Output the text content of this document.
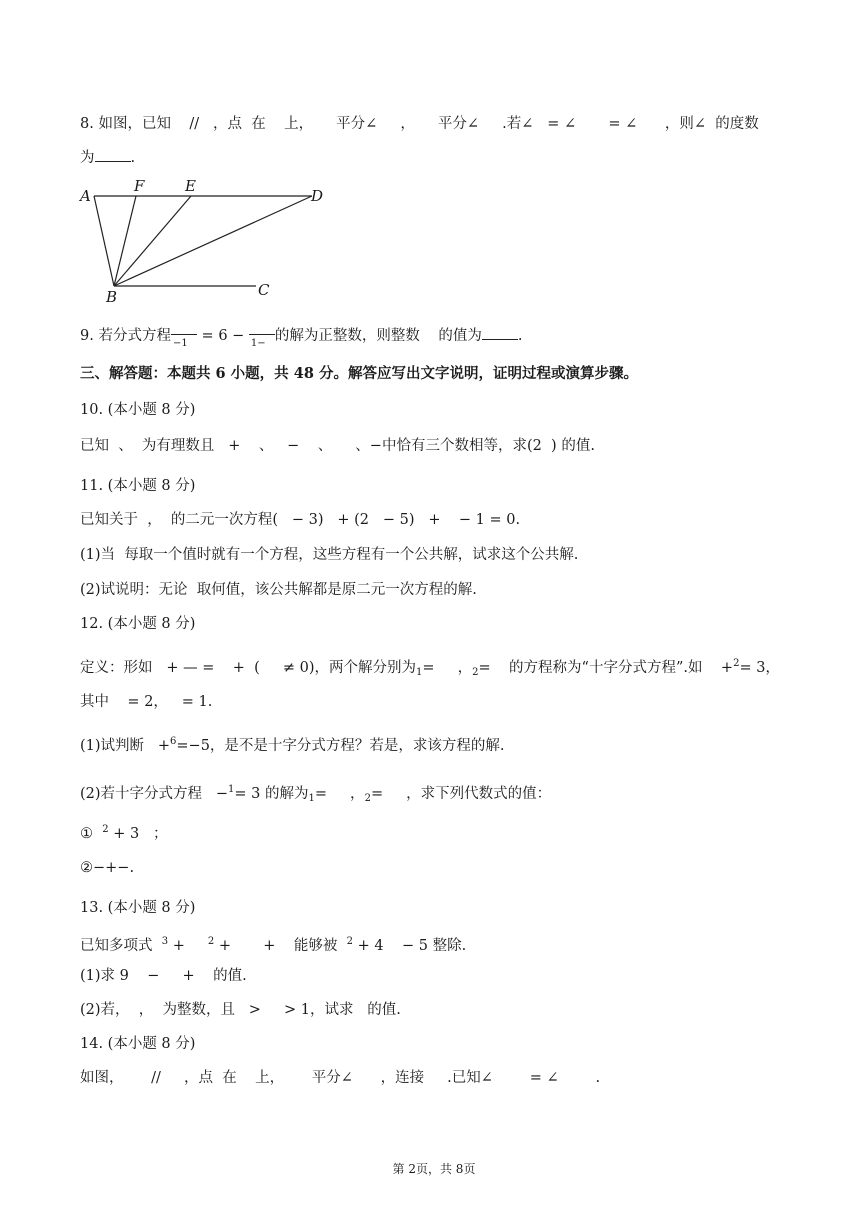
8. 如图，已知    //   ，点  在    上，     平分∠     ，     平分∠     .若∠   = ∠       = ∠      ，则∠  的度数
为 .
A
F	E
D
B	C
9. 若分式方程 −1 = 6 − 1− 的解为正整数，则整数    的值为 .
三、解答题：本题共 6 小题，共 48 分。解答应写出文字说明，证明过程或演算步骤。
10. (本小题 8 分)
已知  、  为有理数且   +    、   −    、     、−中恰有三个数相等，求(2  ) 的值.
11. (本小题 8 分)
已知关于  ，  的二元一次方程(   − 3)   + (2   − 5)   +    − 1 = 0.
(1)当  每取一个值时就有一个方程，这些方程有一个公共解，试求这个公共解.
(2)试说明：无论  取何值，该公共解都是原二元一次方程的解.
12. (本小题 8 分)
定义：形如   + — =    +  (     ≠ 0)，两个解分别为$_1$=     ，$_2$=    的方程称为“十字分式方程”.如    +$^2$= 3，
其中    = 2，   = 1.
(1)试判断   +$^6$=−5，是不是十字分式方程？若是，求该方程的解.
(2)若十字分式方程   −$^1$= 3 的解为$_1$=     ，$_2$=     ，求下列代数式的值：
①  $^2$ + 3   ；
②−+−.
13. (本小题 8 分)
已知多项式  $^3$ +     $^2$ +       +    能够被  $^2$ + 4    − 5 整除.
(1)求 9    −     +    的值.
(2)若，  ，  为整数，且   >     > 1，试求   的值.
14. (本小题 8 分)
如图，      //     ，点  在    上，      平分∠      ，连接     .已知∠        = ∠        .
第 2页，共 8页
